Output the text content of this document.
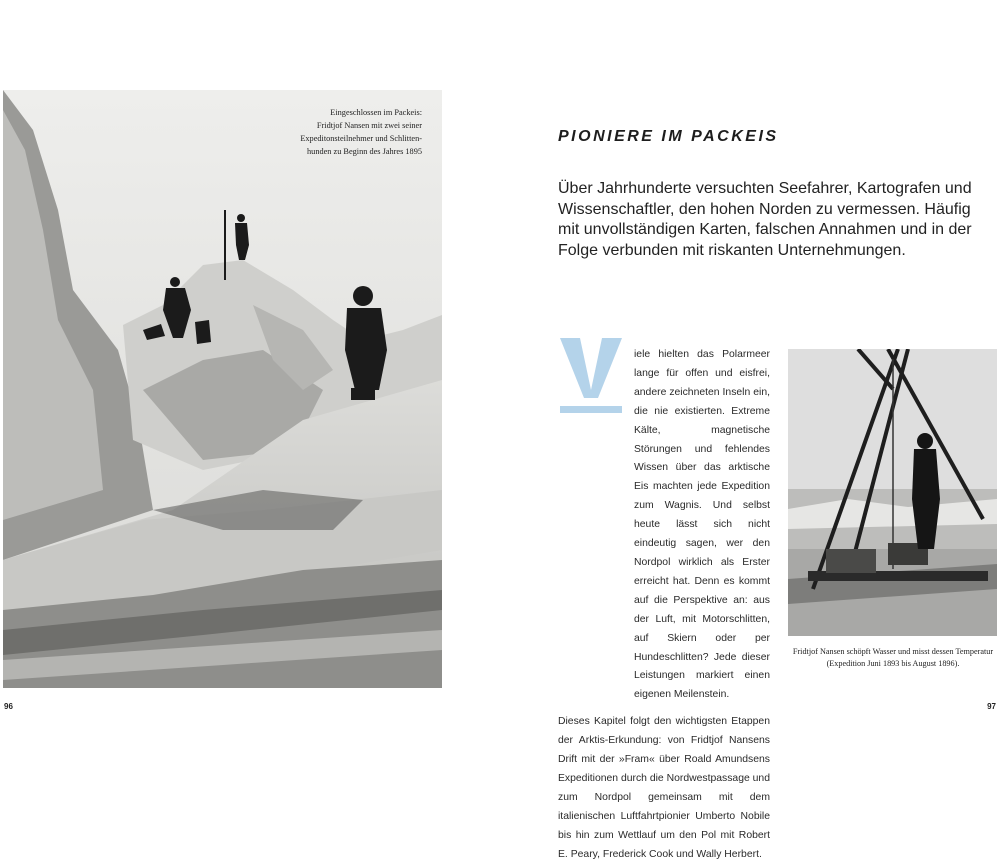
Eingeschlossen im Packeis:
Fridtjof Nansen mit zwei seiner
Expeditonsteilnehmer und Schlitten-
hunden zu Beginn des Jahres 1895
96
PIONIERE IM PACKEIS
Über Jahrhunderte versuchten Seefahrer, Kartografen und Wissenschaftler, den hohen Norden zu vermessen. Häufig mit unvollständigen Karten, falschen Annahmen und in der Folge verbunden mit riskanten Unternehmungen.
V

iele hielten das Polarmeer lange für offen und eisfrei, andere zeichneten Inseln ein, die nie existierten. Extreme Kälte, magnetische Störungen und fehlendes Wissen über das arktische Eis machten jede Expedition zum Wagnis. Und selbst heute lässt sich nicht eindeutig sagen, wer den Nordpol wirklich als Erster erreicht hat. Denn es kommt auf die Perspektive an: aus der Luft, mit Motorschlitten, auf Skiern oder per Hundeschlitten? Jede dieser Leistungen markiert einen eigenen Meilenstein.

Dieses Kapitel folgt den wichtigsten Etappen der Arktis-Erkundung: von Fridtjof Nansens Drift mit der »Fram« über Roald Amundsens Expeditionen durch die Nordwestpassage und zum Nordpol gemeinsam mit dem italienischen Luftfahrtpionier Umberto Nobile bis hin zum Wettlauf um den Pol mit Robert E. Peary, Frederick Cook und Wally Herbert.

Fridtjof Nansen schöpft Wasser und misst dessen Temperatur
(Expedition Juni 1893 bis August 1896).
97
